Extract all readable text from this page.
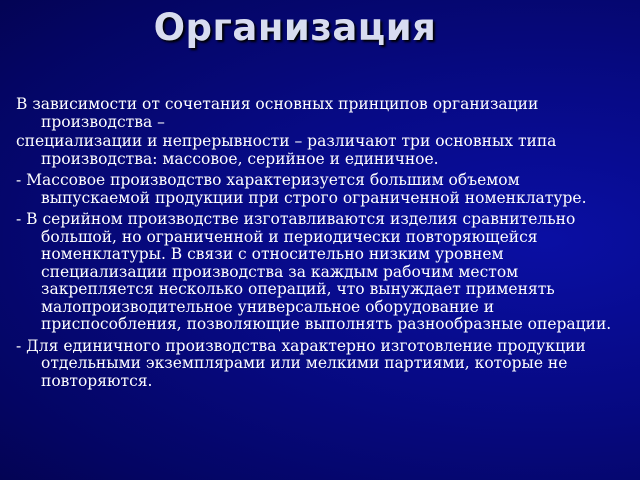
Организация

В зависимости от сочетания основных принципов организации производства –

специализации и непрерывности – различают три основных типа производства: массовое, серийное и единичное.

- Массовое производство характеризуется большим объемом выпускаемой продукции при строго ограниченной номенклатуре.

- В серийном производстве изготавливаются изделия сравнительно большой, но ограниченной и периодически повторяющейся номенклатуры. В связи с относительно низким уровнем специализации производства за каждым рабочим местом закрепляется несколько операций, что вынуждает применять малопроизводительное универсальное оборудование и приспособления, позволяющие выполнять разнообразные операции.

- Для единичного производства характерно изготовление продукции отдельными экземплярами или мелкими партиями, которые не повторяются.
